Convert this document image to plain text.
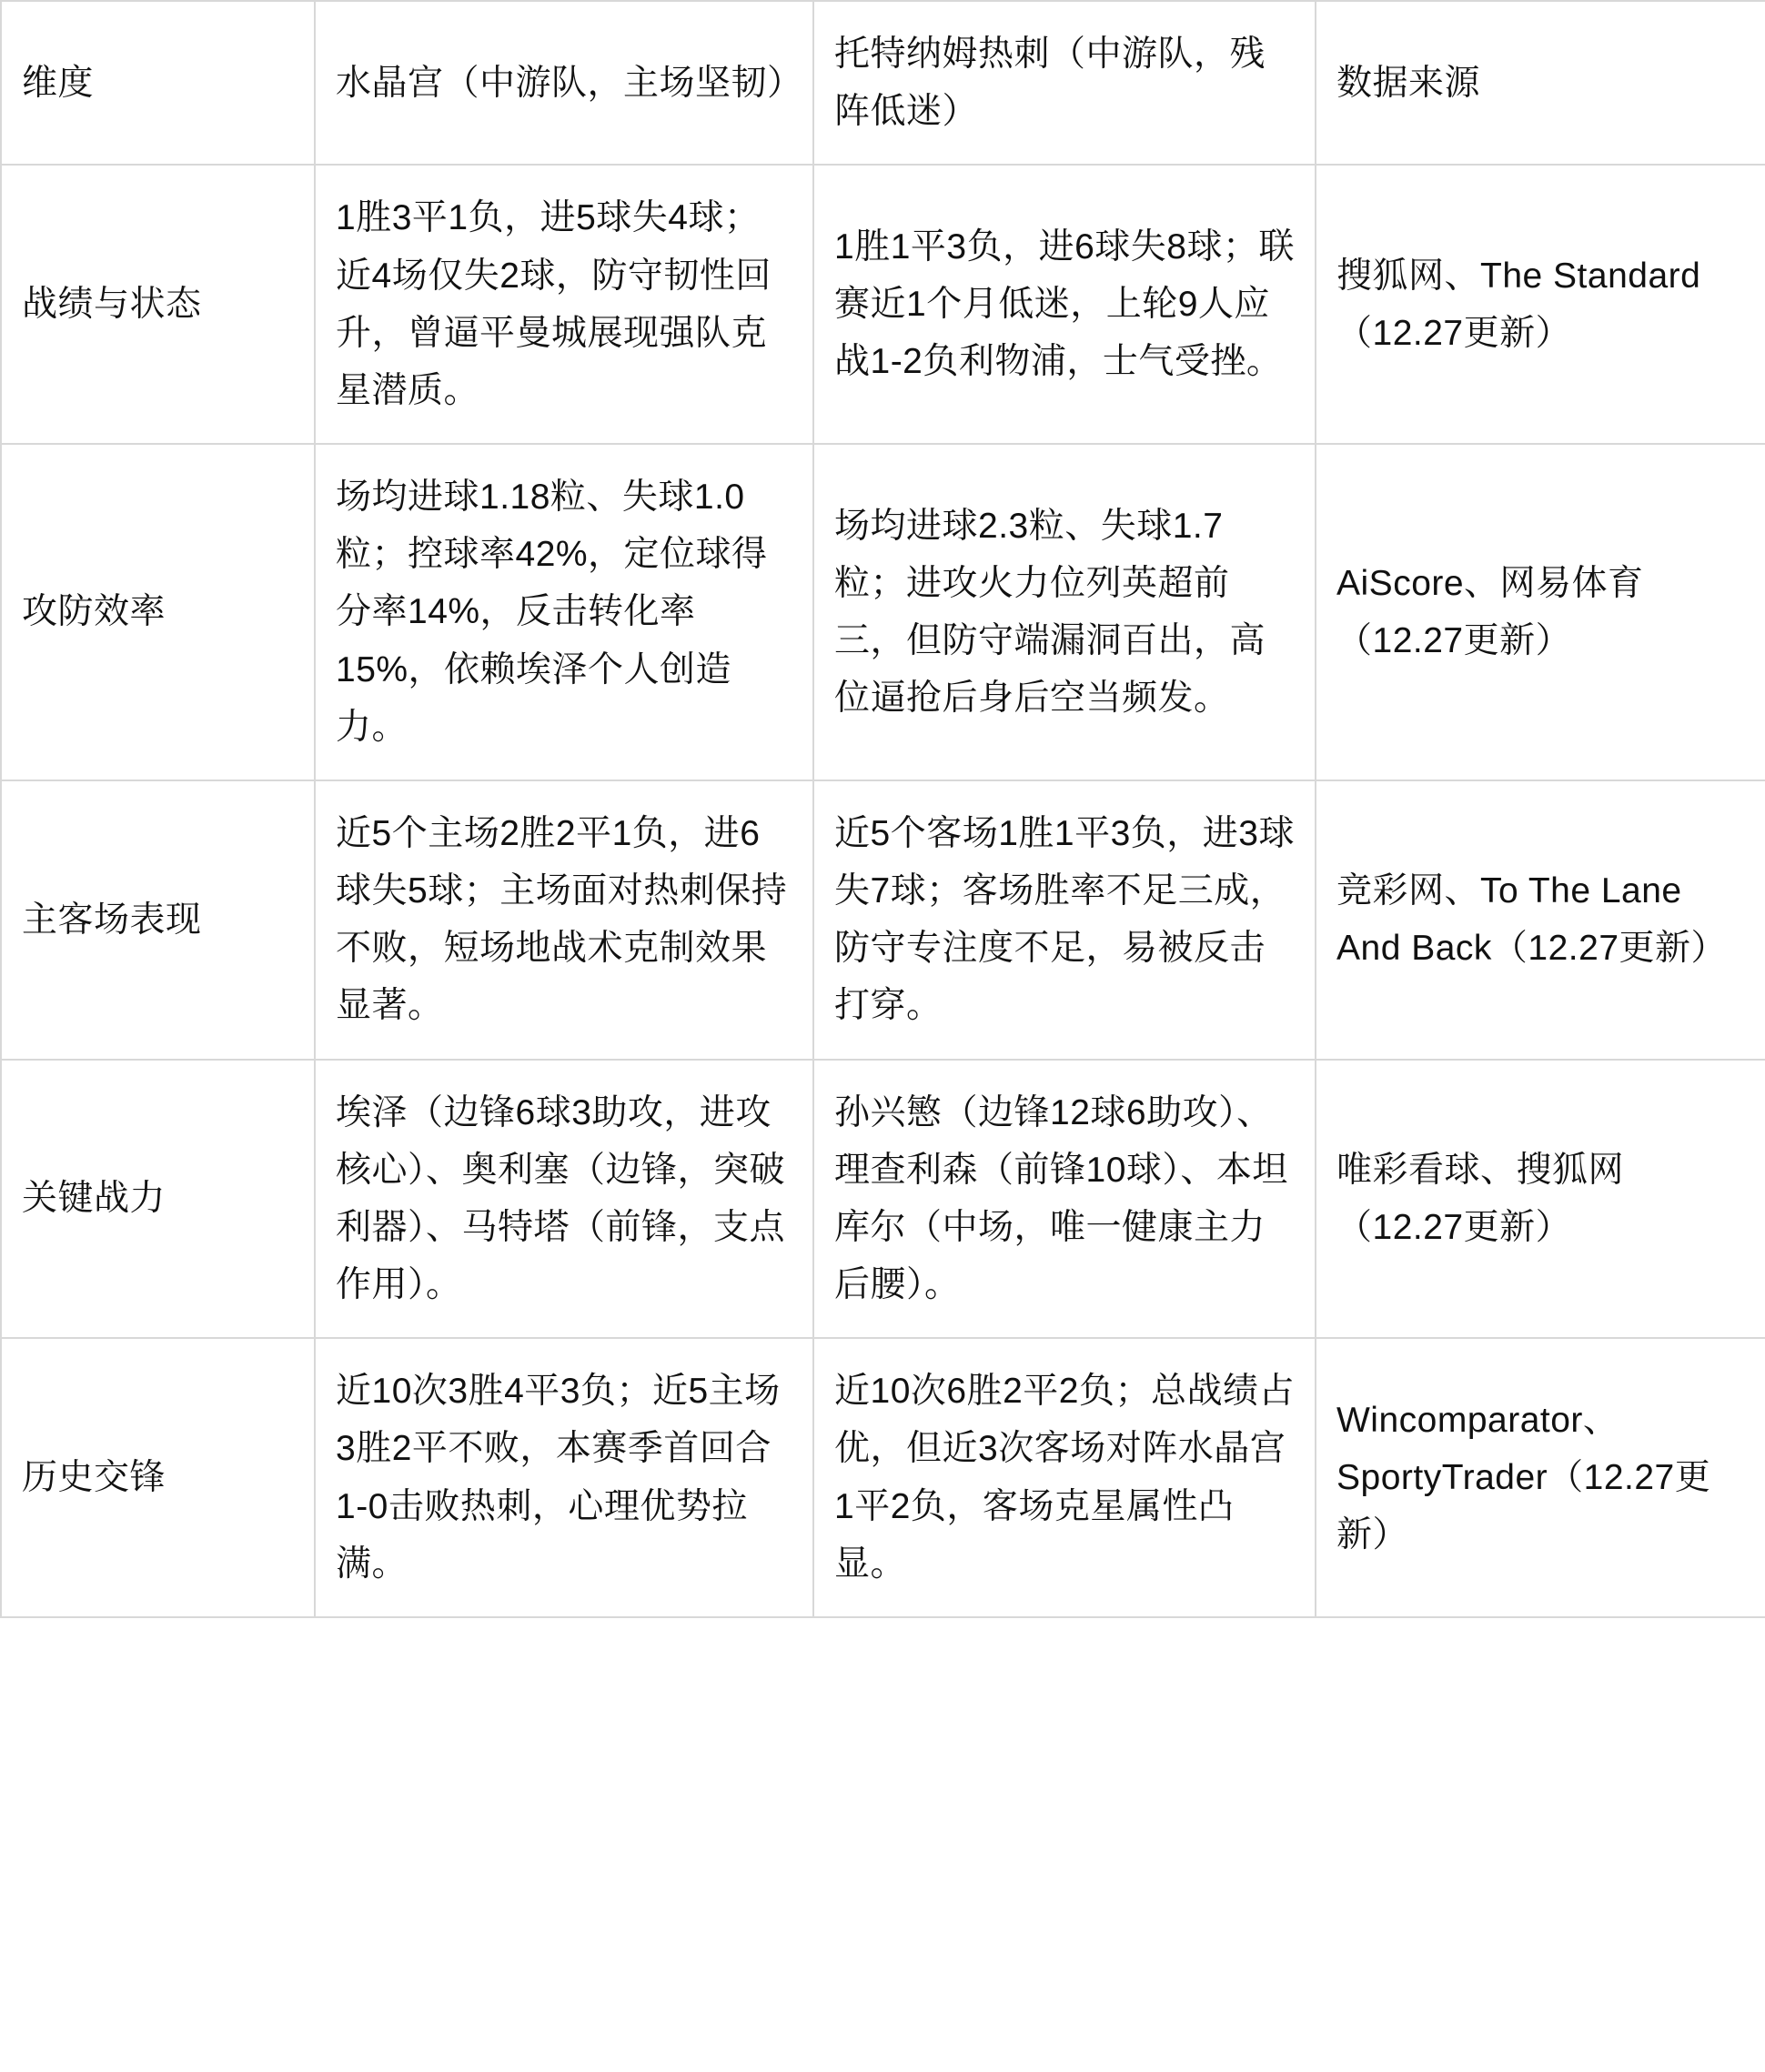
维度	水晶宫（中游队，主场坚韧）	托特纳姆热刺（中游队，残阵低迷）	数据来源
战绩与状态	1胜3平1负，进5球失4球；近4场仅失2球，防守韧性回升，曾逼平曼城展现强队克星潜质。	1胜1平3负，进6球失8球；联赛近1个月低迷，上轮9人应战1-2负利物浦，士气受挫。	搜狐网、The Standard（12.27更新）
攻防效率	场均进球1.18粒、失球1.0粒；控球率42%，定位球得分率14%，反击转化率15%，依赖埃泽个人创造力。	场均进球2.3粒、失球1.7粒；进攻火力位列英超前三，但防守端漏洞百出，高位逼抢后身后空当频发。	AiScore、网易体育（12.27更新）
主客场表现	近5个主场2胜2平1负，进6球失5球；主场面对热刺保持不败，短场地战术克制效果显著。	近5个客场1胜1平3负，进3球失7球；客场胜率不足三成，防守专注度不足，易被反击打穿。	竞彩网、To The Lane And Back（12.27更新）
关键战力	埃泽（边锋6球3助攻，进攻核心）、奥利塞（边锋，突破利器）、马特塔（前锋，支点作用）。	孙兴慜（边锋12球6助攻）、理查利森（前锋10球）、本坦库尔（中场，唯一健康主力后腰）。	唯彩看球、搜狐网（12.27更新）
历史交锋	近10次3胜4平3负；近5主场3胜2平不败，本赛季首回合1-0击败热刺，心理优势拉满。	近10次6胜2平2负；总战绩占优，但近3次客场对阵水晶宫1平2负，客场克星属性凸显。	Wincomparator、SportyTrader（12.27更新）
